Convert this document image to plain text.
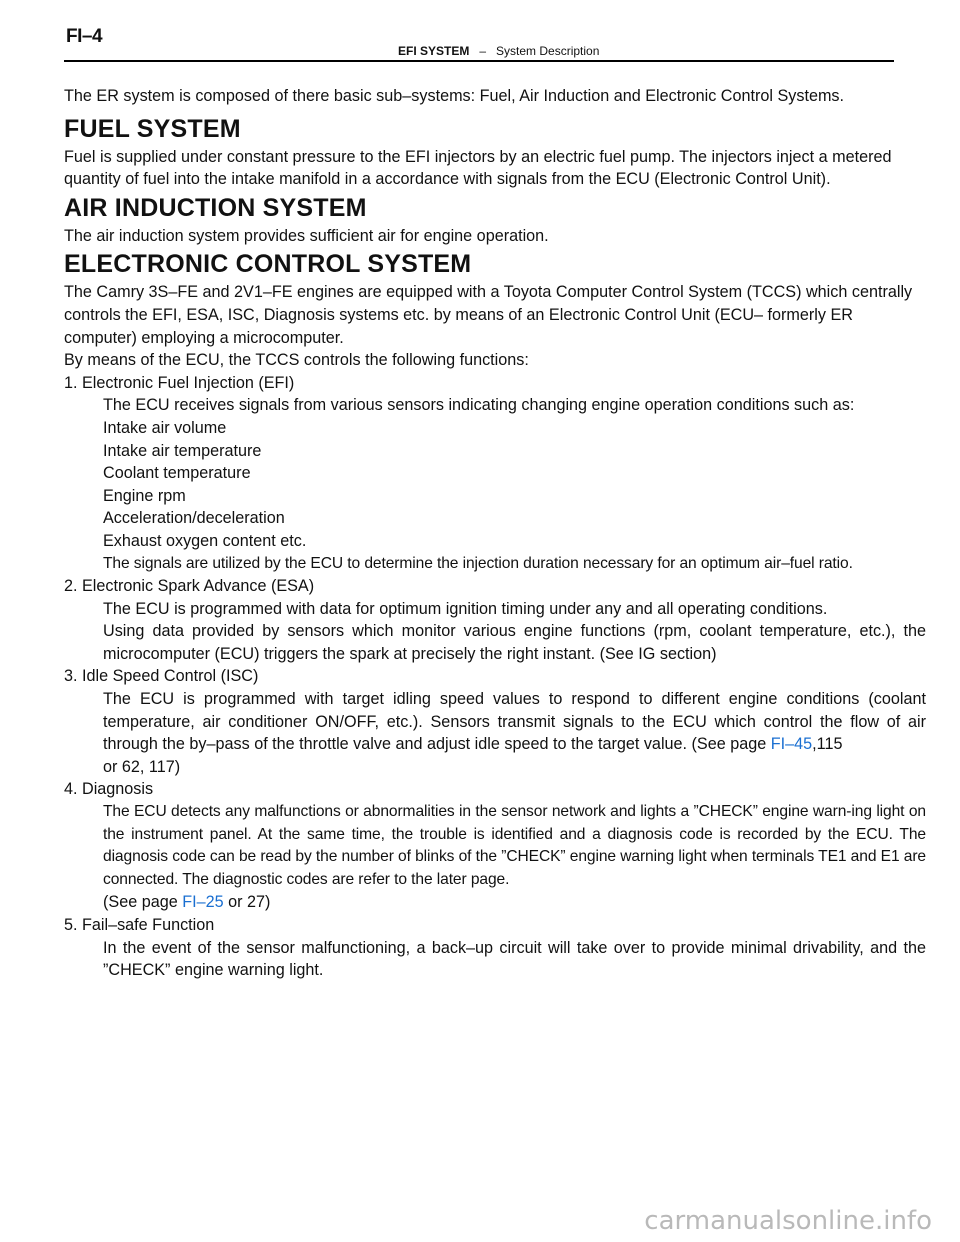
FI–4
EFI SYSTEM – System Description

The ER system is composed of there basic sub–systems: Fuel, Air Induction and Electronic Control Systems.

FUEL SYSTEM

Fuel is supplied under constant pressure to the EFI injectors by an electric fuel pump. The injectors inject a metered quantity of fuel into the intake manifold in a accordance with signals from the ECU (Electronic Control Unit).

AIR INDUCTION SYSTEM

The air induction system provides sufficient air for engine operation.

ELECTRONIC CONTROL SYSTEM

The Camry 3S–FE and 2V1–FE engines are equipped with a Toyota Computer Control System (TCCS) which centrally controls the EFI, ESA, ISC, Diagnosis systems etc. by means of an Electronic Control Unit (ECU– formerly ER computer) employing a microcomputer.

By means of the ECU, the TCCS controls the following functions:

1. Electronic Fuel Injection (EFI)

The ECU receives signals from various sensors indicating changing engine operation conditions such as:

Intake air volume

Intake air temperature

Coolant temperature

Engine rpm

Acceleration/deceleration

Exhaust oxygen content etc.

The signals are utilized by the ECU to determine the injection duration necessary for an optimum air–fuel ratio.

2. Electronic Spark Advance (ESA)

The ECU is programmed with data for optimum ignition timing under any and all operating conditions.

Using data provided by sensors which monitor various engine functions (rpm, coolant temperature, etc.), the microcomputer (ECU) triggers the spark at precisely the right instant. (See IG section)

3. Idle Speed Control (ISC)

The ECU is programmed with target idling speed values to respond to different engine conditions (coolant temperature, air conditioner ON/OFF, etc.). Sensors transmit signals to the ECU which control the flow of air through the by–pass of the throttle valve and adjust idle speed to the target value. (See page FI–45,115

or 62, 117)

4. Diagnosis

The ECU detects any malfunctions or abnormalities in the sensor network and lights a ”CHECK” engine warn-ing light on the instrument panel. At the same time, the trouble is identified and a diagnosis code is recorded by the ECU. The diagnosis code can be read by the number of blinks of the ”CHECK” engine warning light when terminals TE1 and E1 are connected. The diagnostic codes are refer to the later page.

(See page FI–25 or 27)

5. Fail–safe Function

In the event of the sensor malfunctioning, a back–up circuit will take over to provide minimal drivability, and the ”CHECK” engine warning light.

carmanualsonline.info
